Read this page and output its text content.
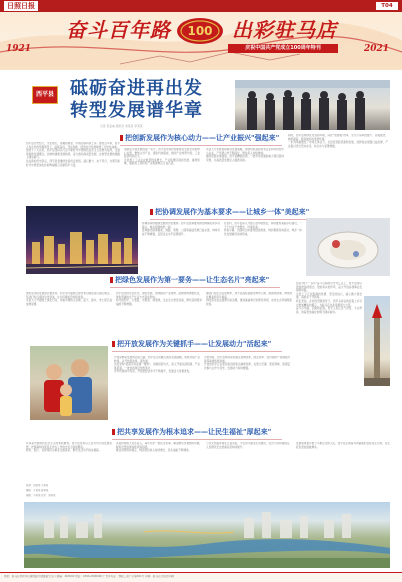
日照日报	T04
1921	2021
奋斗百年路	100 出彩驻马店
庆祝中国共产党成立100周年特刊
西平县 砥砺奋进再出发
转型发展谱华章
记者 吴亚威 通讯员 刘某某 李某某

西平县历史悠久，文化灿烂，是嫘祖故里、中国冶铁铸剑之乡。建党百年来，西平人民在党的坚强领导下，砥砺奋进，开拓创新，经济社会发展取得了历史性成就。

党的十八大以来，西平县坚持以习近平新时代中国特色社会主义思想为指导，全面贯彻新发展理念，加快构建新发展格局，奋力推动高质量发展，在转型发展的道路上阔步前行。

站在新的历史起点，西平县将继续发扬优良传统，凝心聚力、实干笃行，为谱写新时代中原更加出彩的绚丽篇章贡献西平力量。

把创新发展作为核心动力——让产业振兴"强起来"

创新是引领发展的第一动力。西平县坚持把创新摆在发展全局的核心位置，聚焦主导产业，强化科技赋能，推动产业转型升级，工业经济持续壮大。

全县规上工业企业数量稳步增长，产业集聚区提质发展，畜牧机械、服装加工等特色产业集群效应日益凸显。

该县大力实施创新驱动发展战略，加快培育高新技术企业和科技型中小企业，产学研合作不断深化，研发投入持续增加。

围绕延链补链强链，西平县精准招商，一批带动性强的重大项目落地见效，为高质量发展注入强劲动能。

同时，西平县持续优化营商环境，深化"放管服"改革，全力打造审批最少、流程最优、效率最高、服务最好的发展环境。

一系列举措激发了市场主体活力，全县民营经济蓬勃发展，创新创业氛围日益浓厚，产业振兴迈出坚实步伐，综合实力显著增强。

把协调发展作为基本要求——让城乡一体"美起来"

协调是持续健康发展的内在要求。西平县统筹推进新型城镇化和乡村振兴，城乡面貌焕然一新。

县城建设提速提质，道路、管网、公园等基础设施日益完善，城市功能不断增强，宜居宜业水平显著提升。

在农村，西平县深入开展人居环境整治，持续推进美丽乡村建设，一个个村庄干净整洁、环境优美。

特色小镇、田园综合体建设稳步推进，城乡要素双向流动，城乡一体化发展格局加快形成。

把绿色发展作为第一要务——让生态名片"亮起来"

绿色是永续发展的必要条件。西平县牢固树立绿水青山就是金山银山理念，坚决打好污染防治攻坚战，生态环境质量持续改善。

该县大力开展国土绿化行动，实施河道综合治理，蓝天、碧水、净土保卫战成效显著。

西平县坚持生态优先、绿色发展，加快推动产业结构、能源结构调整优化，绿色低碳的生产生活方式逐步形成。

如今的西平，天更蓝、水更清、地更绿，生态名片愈发亮丽，群众获得感幸福感不断增强。

围绕打造生态宜居城市，西平县高标准建设城市公园、游园和绿道，城市绿化覆盖率逐年提高。

同时深化农业面源污染治理，推进畜禽粪污资源化利用，农村生态环境明显改善。

把开放发展作为关键抓手——让发展动力"活起来"

开放是繁荣发展的必由之路。西平县主动融入国家发展战略，积极对接产业转移，以开放促改革、促发展。

该县坚持"招商引资是第一要务"，创新招商方式，深入开展以商招商、产业链招商，一批优质项目纷纷落户。

对外贸易稳中有进，开放型经济水平不断提升，发展活力竞相迸发。

与此同时，西平县持续深化重点领域改革，国企改革、农村集体产权制度改革等取得积极进展。

开放的西平正以更加包容的姿态拥抱世界，在更大范围、更宽领域、更深层次参与合作与竞争，发展动力持续增强。

站在"两个一百年"奋斗目标的历史交汇点上，西平县将以更加昂扬的姿态、更加务实的作风，奋力开创各项事业发展新局面。

全县上下正以饱满的热情、坚定的信心，凝心聚力谋发展，真抓实干开新局。

我们坚信，在党的坚强领导下，西平必将在新征程上书写出更加精彩的篇章，为驻马店出彩贡献更大力量。

奋斗百年路，启航新征程。西平人民正意气风发、斗志昂扬，向着更加美好的明天阔步前进。

把共享发展作为根本追求——让民生福祉"厚起来"

共享是中国特色社会主义的本质要求。西平县坚持以人民为中心的发展思想，把保障和改善民生作为工作的出发点和落脚点。

教育、医疗、社保等民生事业全面进步，群众生活水平稳步提高。

该县持续加大民生投入，每年办好一批民生实事，解决群众急难愁盼问题，脱贫攻坚成果持续巩固拓展。

就业形势保持稳定，城乡居民收入持续增长，民生福祉不断增进。

公共文化服务体系日益完善，平安西平建设扎实推进，社会大局和谐稳定，人民群众安全感满意度持续提升。

发展成果更多更公平惠及全体人民，西平县正朝着共同富裕的目标坚定迈进，民生底色更加温暖厚实。

统筹：刘某某 马某某
撰稿：王某某 陈某某
编辑：李某某 校对：周某某
地址：驻马店市新华区解放路与健康路交叉口 邮编：463000 电话：0396-2800000 广告许可证：豫驻工商广字第001号 印刷：驻马店日报社印刷厂
